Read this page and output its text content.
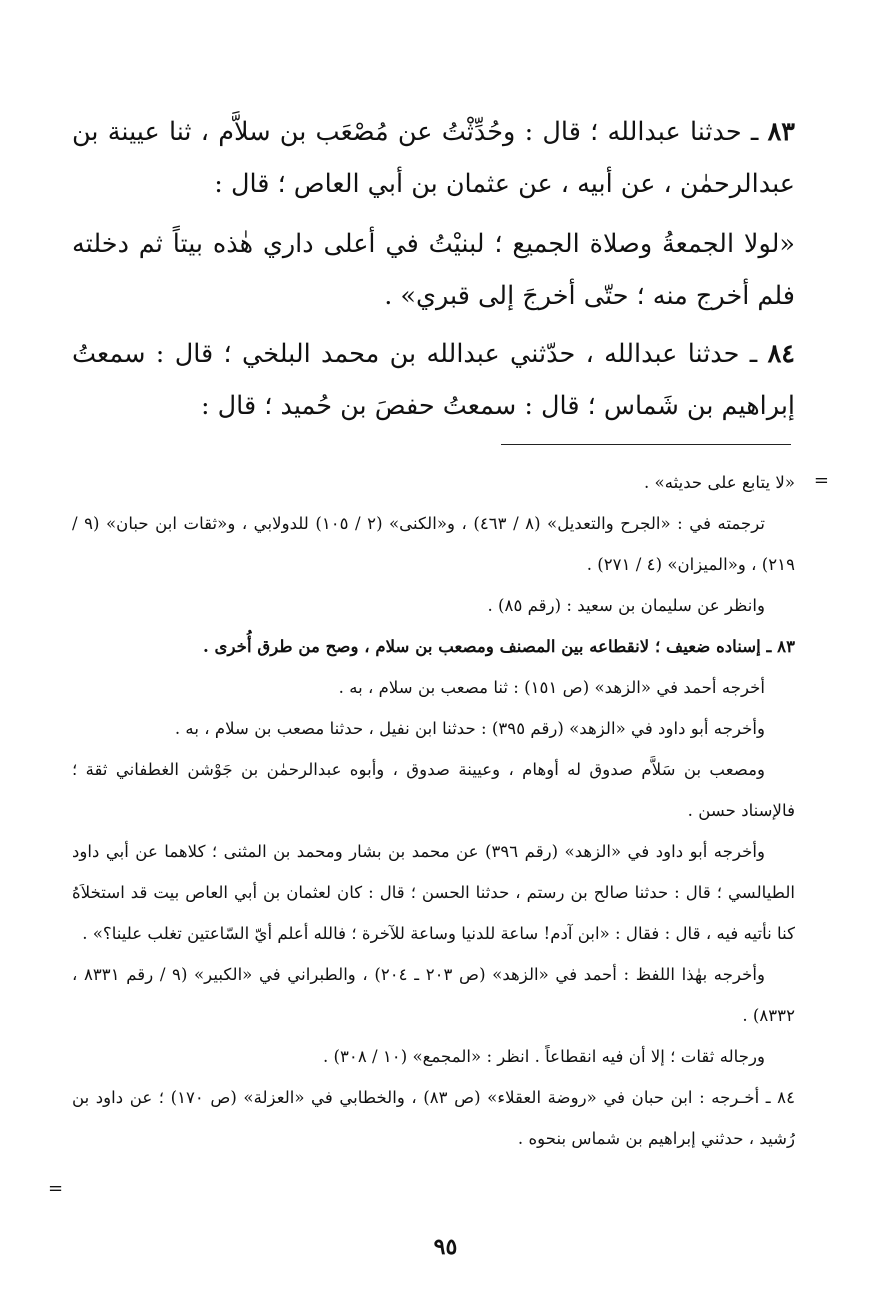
٨٣ ـ حدثنا عبدالله ؛ قال : وحُدِّثْتُ عن مُصْعَب بن سلاَّم ، ثنا عيينة بن عبدالرحمٰن ، عن أبيه ، عن عثمان بن أبي العاص ؛ قال :

«لولا الجمعةُ وصلاة الجميع ؛ لبنيْتُ في أعلى داري هٰذه بيتاً ثم دخلته فلم أخرج منه ؛ حتّى أخرجَ إلى قبري» .

٨٤ ـ حدثنا عبدالله ، حدّثني عبدالله بن محمد البلخي ؛ قال : سمعتُ إبراهيم بن شَماس ؛ قال : سمعتُ حفصَ بن حُميد ؛ قال :

=
=

«لا يتابع على حديثه» .

ترجمته في : «الجرح والتعديل» (٨ / ٤٦٣) ، و«الكنى» (٢ / ١٠٥) للدولابي ، و«ثقات ابن حبان» (٩ / ٢١٩) ، و«الميزان» (٤ / ٢٧١) .

وانظر عن سليمان بن سعيد : (رقم ٨٥) .

٨٣ ـ إسناده ضعيف ؛ لانقطاعه بين المصنف ومصعب بن سلام ، وصح من طرق أُخرى .

أخرجه أحمد في «الزهد» (ص ١٥١) : ثنا مصعب بن سلام ، به .

وأخرجه أبو داود في «الزهد» (رقم ٣٩٥) : حدثنا ابن نفيل ، حدثنا مصعب بن سلام ، به .

ومصعب بن سَلاَّم صدوق له أوهام ، وعيينة صدوق ، وأبوه عبدالرحمٰن بن جَوْشن الغطفاني ثقة ؛ فالإسناد حسن .

وأخرجه أبو داود في «الزهد» (رقم ٣٩٦) عن محمد بن بشار ومحمد بن المثنى ؛ كلاهما عن أبي داود الطيالسي ؛ قال : حدثنا صالح بن رستم ، حدثنا الحسن ؛ قال : كان لعثمان بن أبي العاص بيت قد استخلاَهُ كنا نأتيه فيه ، قال : فقال : «ابن آدم! ساعة للدنيا وساعة للآخرة ؛ فالله أعلم أيّ السّاعتين تغلب علينا؟» .

وأخرجه بهٰذا اللفظ : أحمد في «الزهد» (ص ٢٠٣ ـ ٢٠٤) ، والطبراني في «الكبير» (٩ / رقم ٨٣٣١ ، ٨٣٣٢) .

ورجاله ثقات ؛ إلا أن فيه انقطاعاً . انظر : «المجمع» (١٠ / ٣٠٨) .

٨٤ ـ أخـرجه : ابن حبان في «روضة العقلاء» (ص ٨٣) ، والخطابي في «العزلة» (ص ١٧٠) ؛ عن داود بن رُشيد ، حدثني إبراهيم بن شماس بنحوه .

٩٥
